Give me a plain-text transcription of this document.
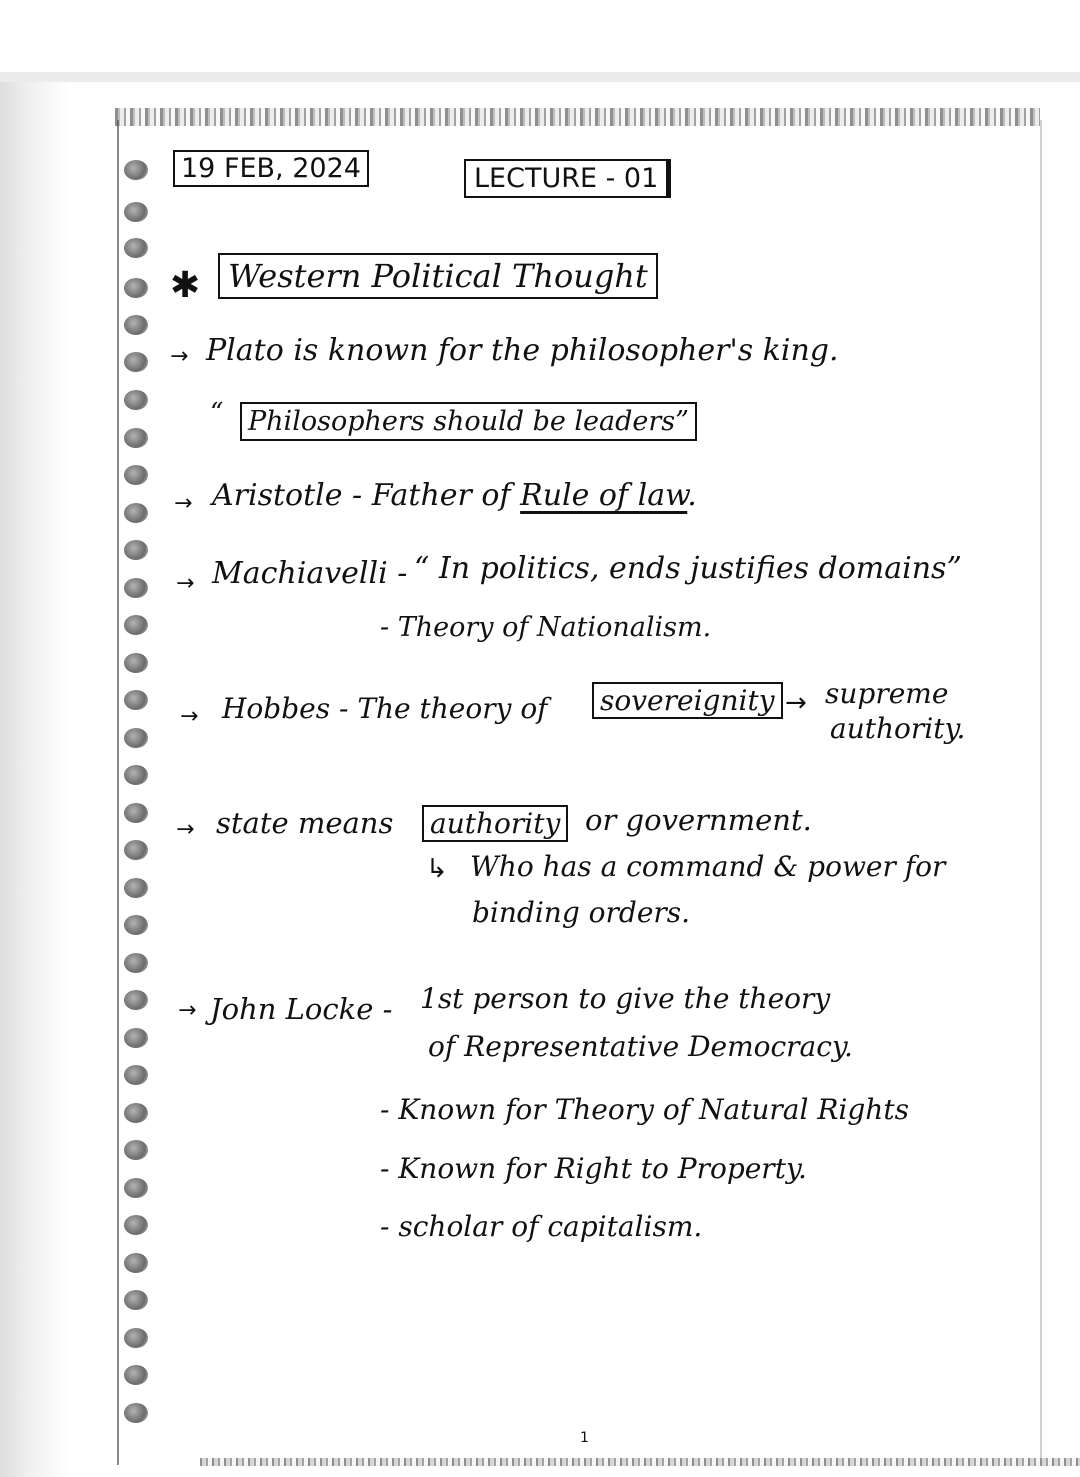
19 FEB, 2024	LECTURE - 01
✱ Western Political Thought
→ Plato is known for the philosopher's king.
“ Philosophers should be leaders”
→ Aristotle - Father of Rule of law.
→ Machiavelli - “ In politics, ends justifies domains”
- Theory of Nationalism.
→ Hobbes - The theory of sovereignity → supreme
authority.
→ state means authority or government.
↳ Who has a command & power for
binding orders.
→ John Locke - 1st person to give the theory
of Representative Democracy.
- Known for Theory of Natural Rights
- Known for Right to Property.
- scholar of capitalism.
1
